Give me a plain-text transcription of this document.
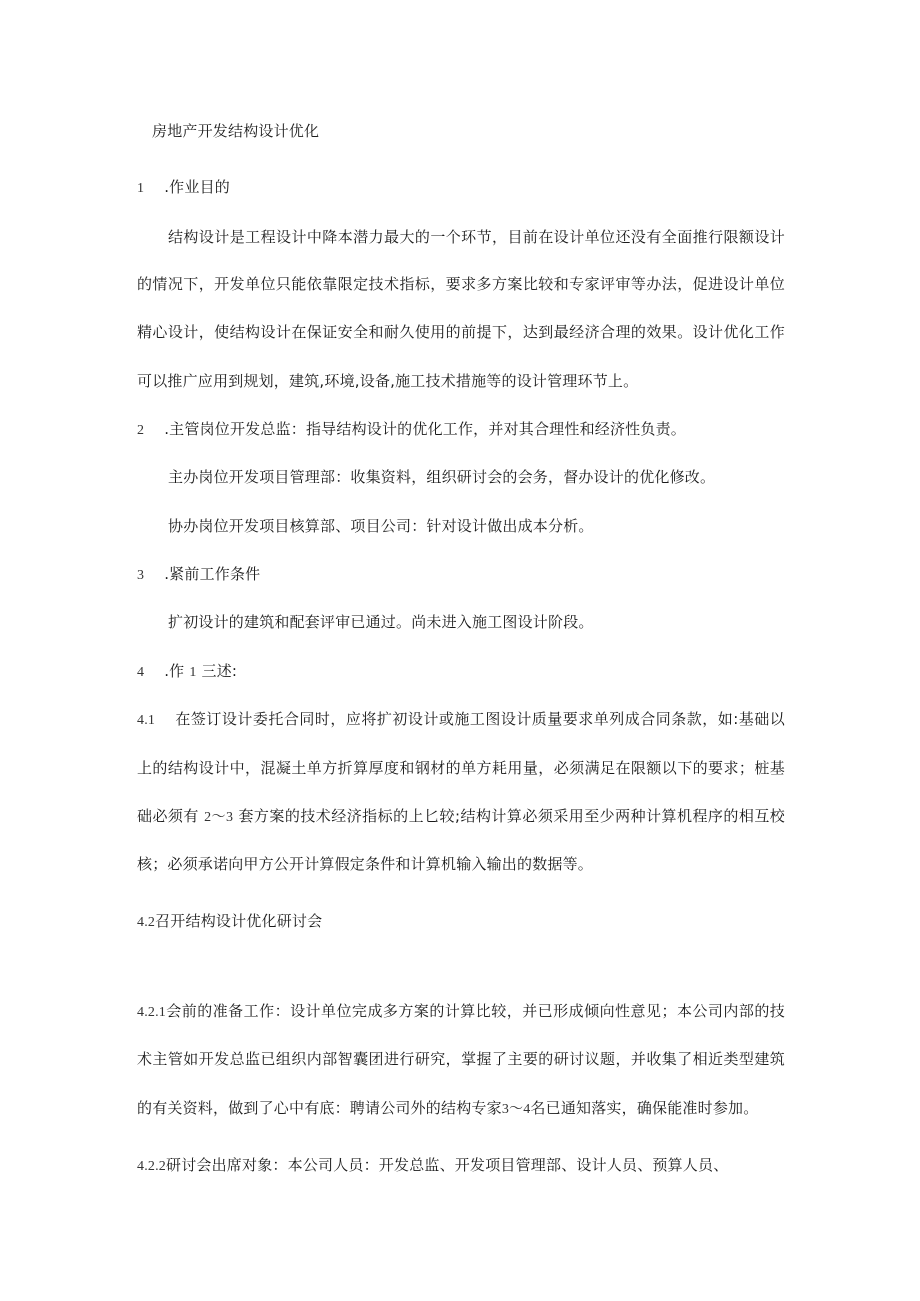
房地产开发结构设计优化
1 .作业目的
结构设计是工程设计中降本潜力最大的一个环节，目前在设计单位还没有全面推行限额设计
的情况下，开发单位只能依靠限定技术指标，要求多方案比较和专家评审等办法，促进设计单位
精心设计，使结构设计在保证安全和耐久使用的前提下，达到最经济合理的效果。设计优化工作
可以推广应用到规划，建筑,环境,设备,施工技术措施等的设计管理环节上。
2 .主管岗位开发总监：指导结构设计的优化工作，并对其合理性和经济性负责。
主办岗位开发项目管理部：收集资料，组织研讨会的会务，督办设计的优化修改。
协办岗位开发项目核算部、项目公司：针对设计做出成本分析。
3 .紧前工作条件
扩初设计的建筑和配套评审已通过。尚未进入施工图设计阶段。
4 .作 1 三述:
4.1 在签订设计委托合同时，应将扩初设计或施工图设计质量要求单列成合同条款，如:基础以
上的结构设计中，混凝土单方折算厚度和钢材的单方耗用量，必须满足在限额以下的要求；桩基
础必须有 2～3 套方案的技术经济指标的上匕较;结构计算必须采用至少两种计算机程序的相互校
核；必须承诺向甲方公开计算假定条件和计算机输入输出的数据等。
4.2召开结构设计优化研讨会
4.2.1会前的准备工作：设计单位完成多方案的计算比较，并已形成倾向性意见；本公司内部的技
术主管如开发总监已组织内部智囊团进行研究，掌握了主要的研讨议题，并收集了相近类型建筑
的有关资料，做到了心中有底：聘请公司外的结构专家3～4名已通知落实，确保能准时参加。
4.2.2研讨会出席对象：本公司人员：开发总监、开发项目管理部、设计人员、预算人员、
